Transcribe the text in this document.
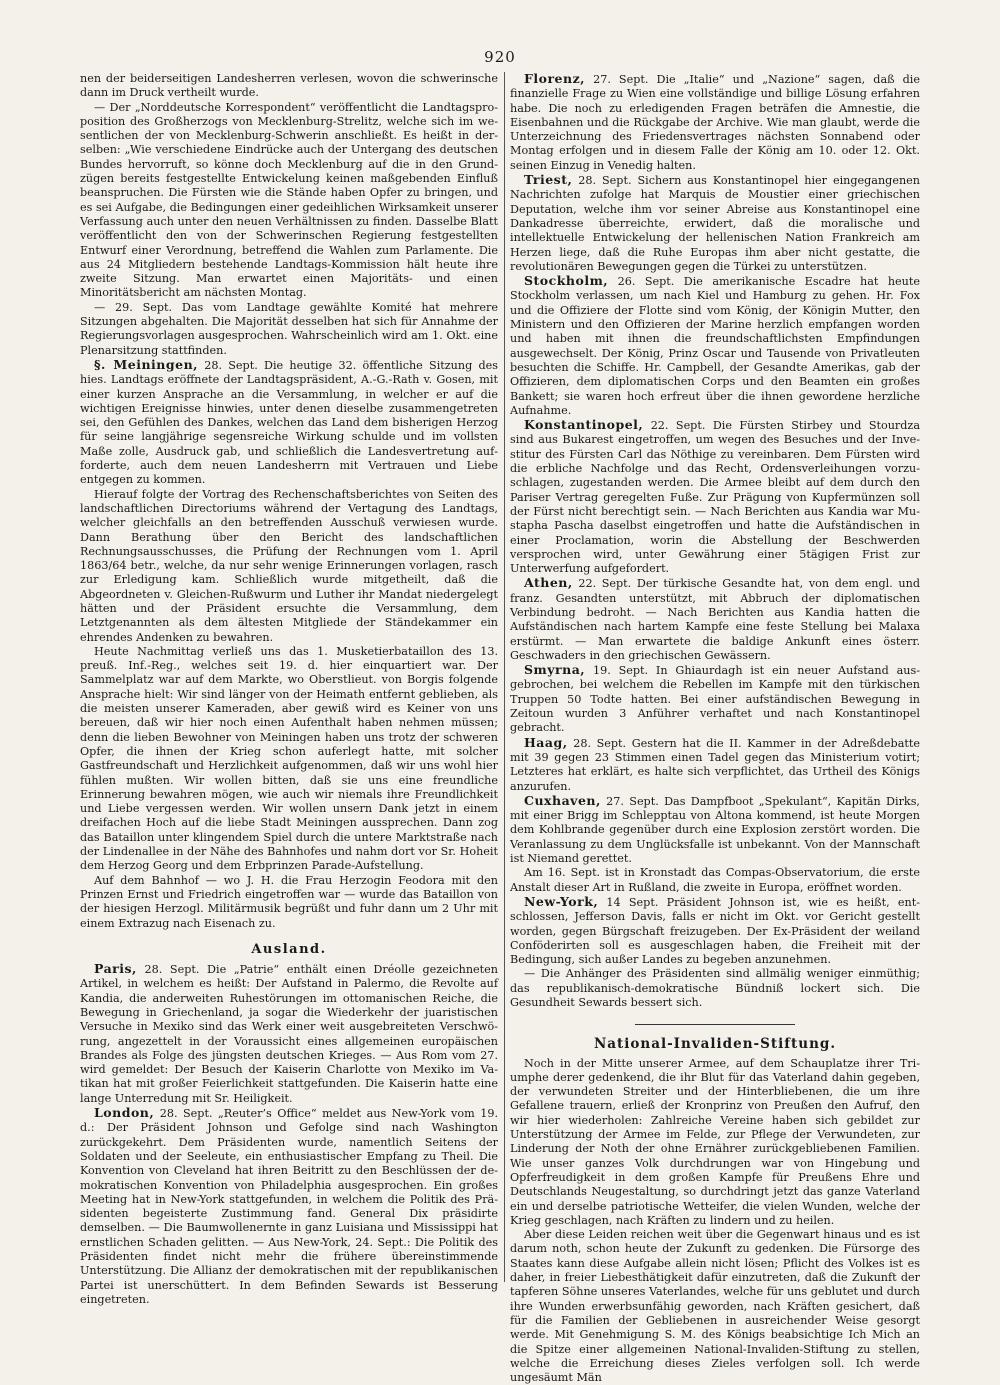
920

nen der beiderseitigen Landesherren verlesen, wovon die schwerinsche dann im Druck vertheilt wurde.

— Der „Norddeutsche Korrespondent“ veröffentlicht die Landtagsproposition des Großherzogs von Mecklenburg-Strelitz, welche sich im wesentlichen der von Mecklenburg-Schwerin anschließt. Es heißt in derselben: „Wie verschiedene Eindrücke auch der Untergang des deutschen Bundes hervorruft, so könne doch Mecklenburg auf die in den Grundzügen bereits festgestellte Entwickelung keinen maßgebenden Einfluß beanspruchen. Die Fürsten wie die Stände haben Opfer zu bringen, und es sei Aufgabe, die Bedingungen einer gedeihlichen Wirksamkeit unserer Verfassung auch unter den neuen Verhältnissen zu finden. Dasselbe Blatt veröffentlicht den von der Schwerinschen Regierung festgestellten Entwurf einer Verordnung, betreffend die Wahlen zum Parlamente. Die aus 24 Mitgliedern bestehende Landtags-Kommission hält heute ihre zweite Sitzung. Man erwartet einen Majoritäts- und einen Minoritätsbericht am nächsten Montag.

— 29. Sept. Das vom Landtage gewählte Komité hat mehrere Sitzungen abgehalten. Die Majorität desselben hat sich für Annahme der Regierungsvorlagen ausgesprochen. Wahrscheinlich wird am 1. Okt. eine Plenarsitzung stattfinden.

§. Meiningen, 28. Sept. Die heutige 32. öffentliche Sitzung des hies. Landtags eröffnete der Landtagspräsident, A.-G.-Rath v. Gosen, mit einer kurzen Ansprache an die Versammlung, in welcher er auf die wichtigen Ereignisse hinwies, unter denen dieselbe zusammengetreten sei, den Gefühlen des Dankes, welchen das Land dem bisherigen Herzog für seine langjährige segensreiche Wirkung schulde und im vollsten Maße zolle, Ausdruck gab, und schließlich die Landesvertretung aufforderte, auch dem neuen Landesherrn mit Vertrauen und Liebe entgegen zu kommen.

Hierauf folgte der Vortrag des Rechenschaftsberichtes von Seiten des landschaftlichen Directoriums während der Vertagung des Landtags, welcher gleichfalls an den betreffenden Ausschuß verwiesen wurde. Dann Berathung über den Bericht des landschaftlichen Rechnungsausschusses, die Prüfung der Rechnungen vom 1. April 1863/64 betr., welche, da nur sehr wenige Erinnerungen vorlagen, rasch zur Erledigung kam. Schließlich wurde mitgetheilt, daß die Abgeordneten v. Gleichen-Rußwurm und Luther ihr Mandat niedergelegt hätten und der Präsident ersuchte die Versammlung, dem Letztgenannten als dem ältesten Mitgliede der Ständekammer ein ehrendes Andenken zu bewahren.

Heute Nachmittag verließ uns das 1. Musketierbataillon des 13. preuß. Inf.-Reg., welches seit 19. d. hier einquartiert war. Der Sammelplatz war auf dem Markte, wo Oberstlieut. von Borgis folgende Ansprache hielt: Wir sind länger von der Heimath entfernt geblieben, als die meisten unserer Kameraden, aber gewiß wird es Keiner von uns bereuen, daß wir hier noch einen Aufenthalt haben nehmen müssen; denn die lieben Bewohner von Meiningen haben uns trotz der schweren Opfer, die ihnen der Krieg schon auferlegt hatte, mit solcher Gastfreundschaft und Herzlichkeit aufgenommen, daß wir uns wohl hier fühlen mußten. Wir wollen bitten, daß sie uns eine freundliche Erinnerung bewahren mögen, wie auch wir niemals ihre Freundlichkeit und Liebe vergessen werden. Wir wollen unsern Dank jetzt in einem dreifachen Hoch auf die liebe Stadt Meiningen aussprechen. Dann zog das Bataillon unter klingendem Spiel durch die untere Marktstraße nach der Lindenallee in der Nähe des Bahnhofes und nahm dort vor Sr. Hoheit dem Herzog Georg und dem Erbprinzen Parade-Aufstellung.

Auf dem Bahnhof — wo J. H. die Frau Herzogin Feodora mit den Prinzen Ernst und Friedrich eingetroffen war — wurde das Bataillon von der hiesigen Herzogl. Militärmusik begrüßt und fuhr dann um 2 Uhr mit einem Extrazug nach Eisenach zu.

Ausland.

Paris, 28. Sept. Die „Patrie“ enthält einen Dréolle gezeichneten Artikel, in welchem es heißt: Der Aufstand in Palermo, die Revolte auf Kandia, die anderweiten Ruhestörungen im ottomanischen Reiche, die Bewegung in Griechenland, ja sogar die Wiederkehr der juaristischen Versuche in Mexiko sind das Werk einer weit ausgebreiteten Verschwörung, angezettelt in der Voraussicht eines allgemeinen europäischen Brandes als Folge des jüngsten deutschen Krieges. — Aus Rom vom 27. wird gemeldet: Der Besuch der Kaiserin Charlotte von Mexiko im Vatikan hat mit großer Feierlichkeit stattgefunden. Die Kaiserin hatte eine lange Unterredung mit Sr. Heiligkeit.

London, 28. Sept. „Reuter’s Office“ meldet aus New-York vom 19. d.: Der Präsident Johnson und Gefolge sind nach Washington zurückgekehrt. Dem Präsidenten wurde, namentlich Seitens der Soldaten und der Seeleute, ein enthusiastischer Empfang zu Theil. Die Konvention von Cleveland hat ihren Beitritt zu den Beschlüssen der demokratischen Konvention von Philadelphia ausgesprochen. Ein großes Meeting hat in New-York stattgefunden, in welchem die Politik des Präsidenten begeisterte Zustimmung fand. General Dix präsidirte demselben. — Die Baumwollenernte in ganz Luisiana und Mississippi hat ernstlichen Schaden gelitten. — Aus New-York, 24. Sept.: Die Politik des Präsidenten findet nicht mehr die frühere übereinstimmende Unterstützung. Die Allianz der demokratischen mit der republikanischen Partei ist unerschüttert. In dem Befinden Sewards ist Besserung eingetreten.

Florenz, 27. Sept. Die „Italie“ und „Nazione“ sagen, daß die finanzielle Frage zu Wien eine vollständige und billige Lösung erfahren habe. Die noch zu erledigenden Fragen beträfen die Amnestie, die Eisenbahnen und die Rückgabe der Archive. Wie man glaubt, werde die Unterzeichnung des Friedensvertrages nächsten Sonnabend oder Montag erfolgen und in diesem Falle der König am 10. oder 12. Okt. seinen Einzug in Venedig halten.

Triest, 28. Sept. Sichern aus Konstantinopel hier eingegangenen Nachrichten zufolge hat Marquis de Moustier einer griechischen Deputation, welche ihm vor seiner Abreise aus Konstantinopel eine Dankadresse überreichte, erwidert, daß die moralische und intellektuelle Entwickelung der hellenischen Nation Frankreich am Herzen liege, daß die Ruhe Europas ihm aber nicht gestatte, die revolutionären Bewegungen gegen die Türkei zu unterstützen.

Stockholm, 26. Sept. Die amerikanische Escadre hat heute Stockholm verlassen, um nach Kiel und Hamburg zu gehen. Hr. Fox und die Offiziere der Flotte sind vom König, der Königin Mutter, den Ministern und den Offizieren der Marine herzlich empfangen worden und haben mit ihnen die freundschaftlichsten Empfindungen ausgewechselt. Der König, Prinz Oscar und Tausende von Privatleuten besuchten die Schiffe. Hr. Campbell, der Gesandte Amerikas, gab der Offizieren, dem diplomatischen Corps und den Beamten ein großes Bankett; sie waren hoch erfreut über die ihnen gewordene herzliche Aufnahme.

Konstantinopel, 22. Sept. Die Fürsten Stirbey und Stourdza sind aus Bukarest eingetroffen, um wegen des Besuches und der Investitur des Fürsten Carl das Nöthige zu vereinbaren. Dem Fürsten wird die erbliche Nachfolge und das Recht, Ordensverleihungen vorzuschlagen, zugestanden werden. Die Armee bleibt auf dem durch den Pariser Vertrag geregelten Fuße. Zur Prägung von Kupfermünzen soll der Fürst nicht berechtigt sein. — Nach Berichten aus Kandia war Mustapha Pascha daselbst eingetroffen und hatte die Aufständischen in einer Proclamation, worin die Abstellung der Beschwerden versprochen wird, unter Gewährung einer 5tägigen Frist zur Unterwerfung aufgefordert.

Athen, 22. Sept. Der türkische Gesandte hat, von dem engl. und franz. Gesandten unterstützt, mit Abbruch der diplomatischen Verbindung bedroht. — Nach Berichten aus Kandia hatten die Aufständischen nach hartem Kampfe eine feste Stellung bei Malaxa erstürmt. — Man erwartete die baldige Ankunft eines österr. Geschwaders in den griechischen Gewässern.

Smyrna, 19. Sept. In Ghiaurdagh ist ein neuer Aufstand ausgebrochen, bei welchem die Rebellen im Kampfe mit den türkischen Truppen 50 Todte hatten. Bei einer aufständischen Bewegung in Zeitoun wurden 3 Anführer verhaftet und nach Konstantinopel gebracht.

Haag, 28. Sept. Gestern hat die II. Kammer in der Adreßdebatte mit 39 gegen 23 Stimmen einen Tadel gegen das Ministerium votirt; Letzteres hat erklärt, es halte sich verpflichtet, das Urtheil des Königs anzurufen.

Cuxhaven, 27. Sept. Das Dampfboot „Spekulant“, Kapitän Dirks, mit einer Brigg im Schlepptau von Altona kommend, ist heute Morgen dem Kohlbrande gegenüber durch eine Explosion zerstört worden. Die Veranlassung zu dem Unglücksfalle ist unbekannt. Von der Mannschaft ist Niemand gerettet.

Am 16. Sept. ist in Kronstadt das Compas-Observatorium, die erste Anstalt dieser Art in Rußland, die zweite in Europa, eröffnet worden.

New-York, 14 Sept. Präsident Johnson ist, wie es heißt, entschlossen, Jefferson Davis, falls er nicht im Okt. vor Gericht gestellt worden, gegen Bürgschaft freizugeben. Der Ex-Präsident der weiland Conföderirten soll es ausgeschlagen haben, die Freiheit mit der Bedingung, sich außer Landes zu begeben anzunehmen.

— Die Anhänger des Präsidenten sind allmälig weniger einmüthig; das republikanisch-demokratische Bündniß lockert sich. Die Gesundheit Sewards bessert sich.

National-Invaliden-Stiftung.

Noch in der Mitte unserer Armee, auf dem Schauplatze ihrer Triumphe derer gedenkend, die ihr Blut für das Vaterland dahin gegeben, der verwundeten Streiter und der Hinterbliebenen, die um ihre Gefallene trauern, erließ der Kronprinz von Preußen den Aufruf, den wir hier wiederholen: Zahlreiche Vereine haben sich gebildet zur Unterstützung der Armee im Felde, zur Pflege der Verwundeten, zur Linderung der Noth der ohne Ernährer zurückgebliebenen Familien. Wie unser ganzes Volk durchdrungen war von Hingebung und Opferfreudigkeit in dem großen Kampfe für Preußens Ehre und Deutschlands Neugestaltung, so durchdringt jetzt das ganze Vaterland ein und derselbe patriotische Wetteifer, die vielen Wunden, welche der Krieg geschlagen, nach Kräften zu lindern und zu heilen.

Aber diese Leiden reichen weit über die Gegenwart hinaus und es ist darum noth, schon heute der Zukunft zu gedenken. Die Fürsorge des Staates kann diese Aufgabe allein nicht lösen; Pflicht des Volkes ist es daher, in freier Liebesthätigkeit dafür einzutreten, daß die Zukunft der tapferen Söhne unseres Vaterlandes, welche für uns geblutet und durch ihre Wunden erwerbsunfähig geworden, nach Kräften gesichert, daß für die Familien der Gebliebenen in ausreichender Weise gesorgt werde. Mit Genehmigung S. M. des Königs beabsichtige Ich Mich an die Spitze einer allgemeinen National-Invaliden-Stiftung zu stellen, welche die Erreichung dieses Zieles verfolgen soll. Ich werde ungesäumt Män
